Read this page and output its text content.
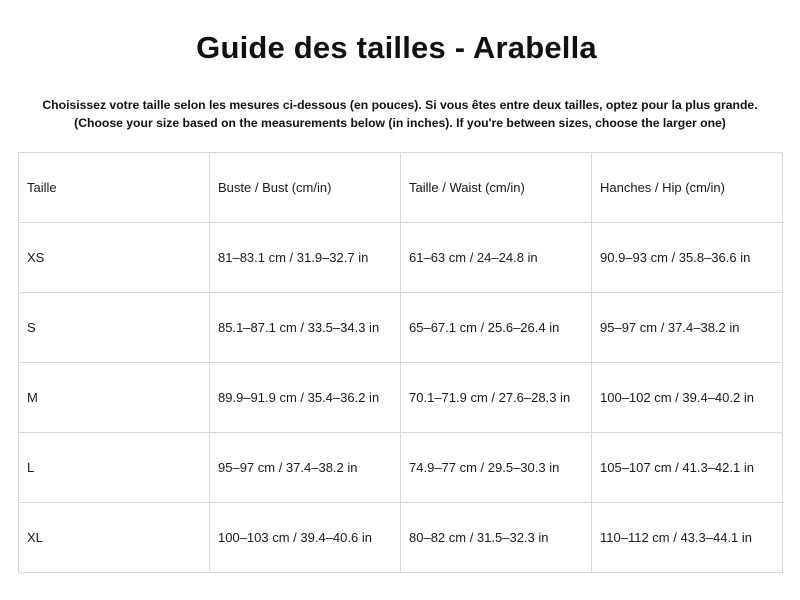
Guide des tailles - Arabella
Choisissez votre taille selon les mesures ci-dessous (en pouces). Si vous êtes entre deux tailles, optez pour la plus grande.
(Choose your size based on the measurements below (in inches). If you're between sizes, choose the larger one)
Taille	Buste / Bust (cm/in)	Taille / Waist (cm/in)	Hanches / Hip (cm/in)
XS	81–83.1 cm / 31.9–32.7 in	61–63 cm / 24–24.8 in	90.9–93 cm / 35.8–36.6 in
S	85.1–87.1 cm / 33.5–34.3 in	65–67.1 cm / 25.6–26.4 in	95–97 cm / 37.4–38.2 in
M	89.9–91.9 cm / 35.4–36.2 in	70.1–71.9 cm / 27.6–28.3 in	100–102 cm / 39.4–40.2 in
L	95–97 cm / 37.4–38.2 in	74.9–77 cm / 29.5–30.3 in	105–107 cm / 41.3–42.1 in
XL	100–103 cm / 39.4–40.6 in	80–82 cm / 31.5–32.3 in	110–112 cm / 43.3–44.1 in
